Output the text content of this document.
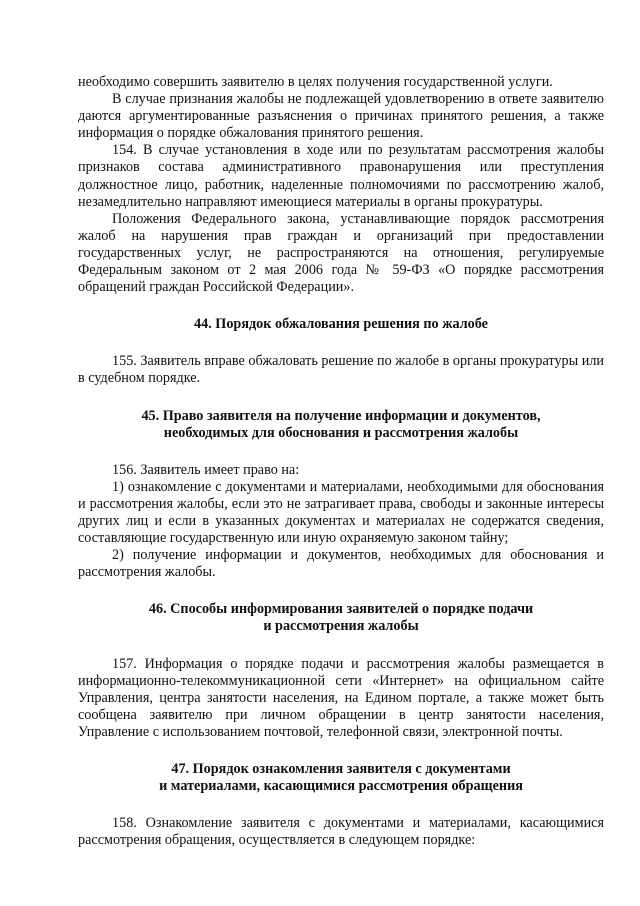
необходимо совершить заявителю в целях получения государственной услуги.

В случае признания жалобы не подлежащей удовлетворению в ответе заявителю даются аргументированные разъяснения о причинах принятого решения, а также информация о порядке обжалования принятого решения.

154. В случае установления в ходе или по результатам рассмотрения жалобы признаков состава административного правонарушения или преступления должностное лицо, работник, наделенные полномочиями по рассмотрению жалоб, незамедлительно направляют имеющиеся материалы в органы прокуратуры.

Положения Федерального закона, устанавливающие порядок рассмотрения жалоб на нарушения прав граждан и организаций при предоставлении государственных услуг, не распространяются на отношения, регулируемые Федеральным законом от 2 мая 2006 года № 59-ФЗ «О порядке рассмотрения обращений граждан Российской Федерации».

44. Порядок обжалования решения по жалобе

155. Заявитель вправе обжаловать решение по жалобе в органы прокуратуры или в судебном порядке.

45. Право заявителя на получение информации и документов,
необходимых для обоснования и рассмотрения жалобы

156. Заявитель имеет право на:

1) ознакомление с документами и материалами, необходимыми для обоснования и рассмотрения жалобы, если это не затрагивает права, свободы и законные интересы других лиц и если в указанных документах и материалах не содержатся сведения, составляющие государственную или иную охраняемую законом тайну;

2) получение информации и документов, необходимых для обоснования и рассмотрения жалобы.

46. Способы информирования заявителей о порядке подачи
и рассмотрения жалобы

157. Информация о порядке подачи и рассмотрения жалобы размещается в информационно-телекоммуникационной сети «Интернет» на официальном сайте Управления, центра занятости населения, на Едином портале, а также может быть сообщена заявителю при личном обращении в центр занятости населения, Управление с использованием почтовой, телефонной связи, электронной почты.

47. Порядок ознакомления заявителя с документами
и материалами, касающимися рассмотрения обращения

158. Ознакомление заявителя с документами и материалами, касающимися рассмотрения обращения, осуществляется в следующем порядке:
